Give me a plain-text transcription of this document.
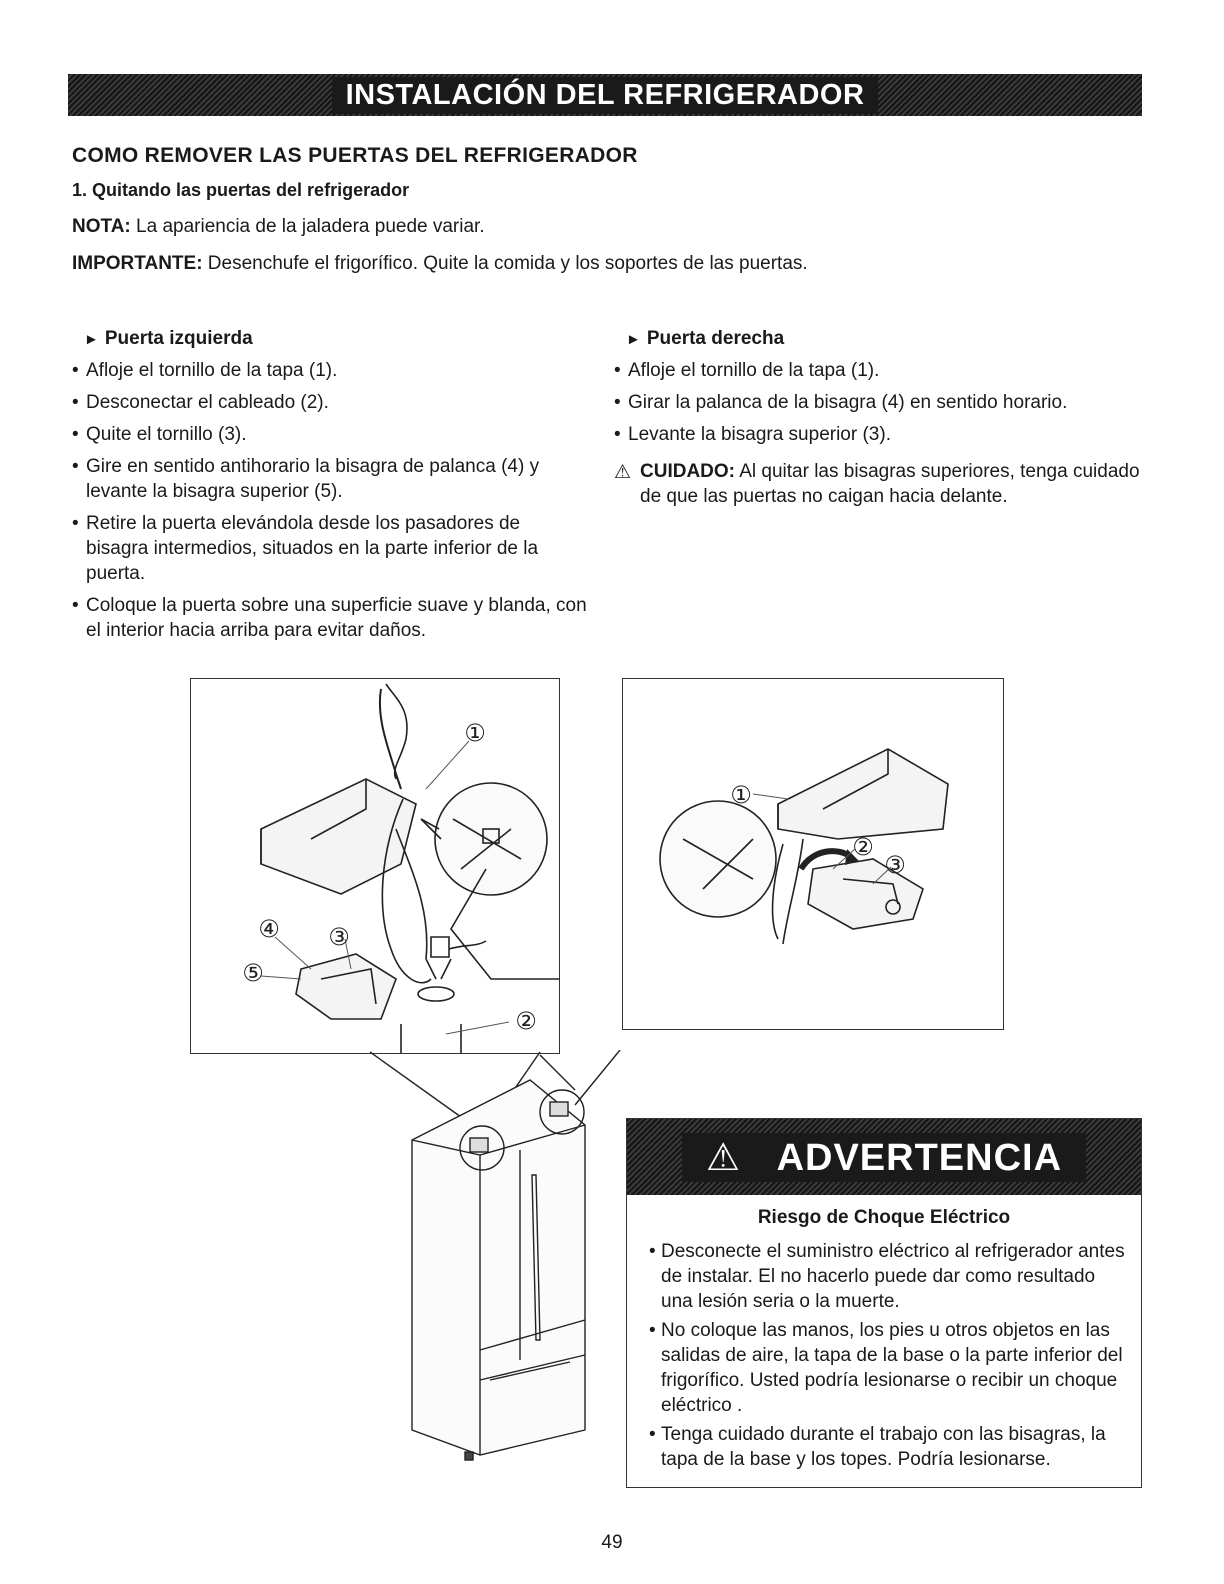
INSTALACIÓN DEL REFRIGERADOR
COMO REMOVER LAS PUERTAS DEL REFRIGERADOR
1. Quitando las puertas del refrigerador
NOTA: La apariencia de la jaladera puede variar.
IMPORTANTE: Desenchufe el frigorífico. Quite la comida y los soportes de las puertas.
► Puerta izquierda
• Afloje el tornillo de la tapa (1).
• Desconectar el cableado (2).
• Quite el tornillo (3).
• Gire en sentido antihorario la bisagra de palanca (4) y levante la bisagra superior (5).
• Retire la puerta elevándola desde los pasadores de bisagra intermedios, situados en la parte inferior de la puerta.
• Coloque la puerta sobre una superficie suave y blanda, con el interior hacia arriba para evitar daños.
► Puerta derecha
• Afloje el tornillo de la tapa (1).
• Girar la palanca de la bisagra (4) en sentido horario.
• Levante la bisagra superior (3).
⚠ CUIDADO: Al quitar las bisagras superiores, tenga cuidado de que las puertas no caigan hacia delante.
①
④ ③
⑤
②
①
②
③
⚠ ADVERTENCIA
Riesgo de Choque Eléctrico
• Desconecte el suministro eléctrico al refrigerador antes de instalar. El no hacerlo puede dar como resultado una lesión seria o la muerte.
• No coloque las manos, los pies u otros objetos en las salidas de aire, la tapa de la base o la parte inferior del frigorífico. Usted podría lesionarse o recibir un choque eléctrico .
• Tenga cuidado durante el trabajo con las bisagras, la tapa de la base y los topes. Podría lesionarse.
49
